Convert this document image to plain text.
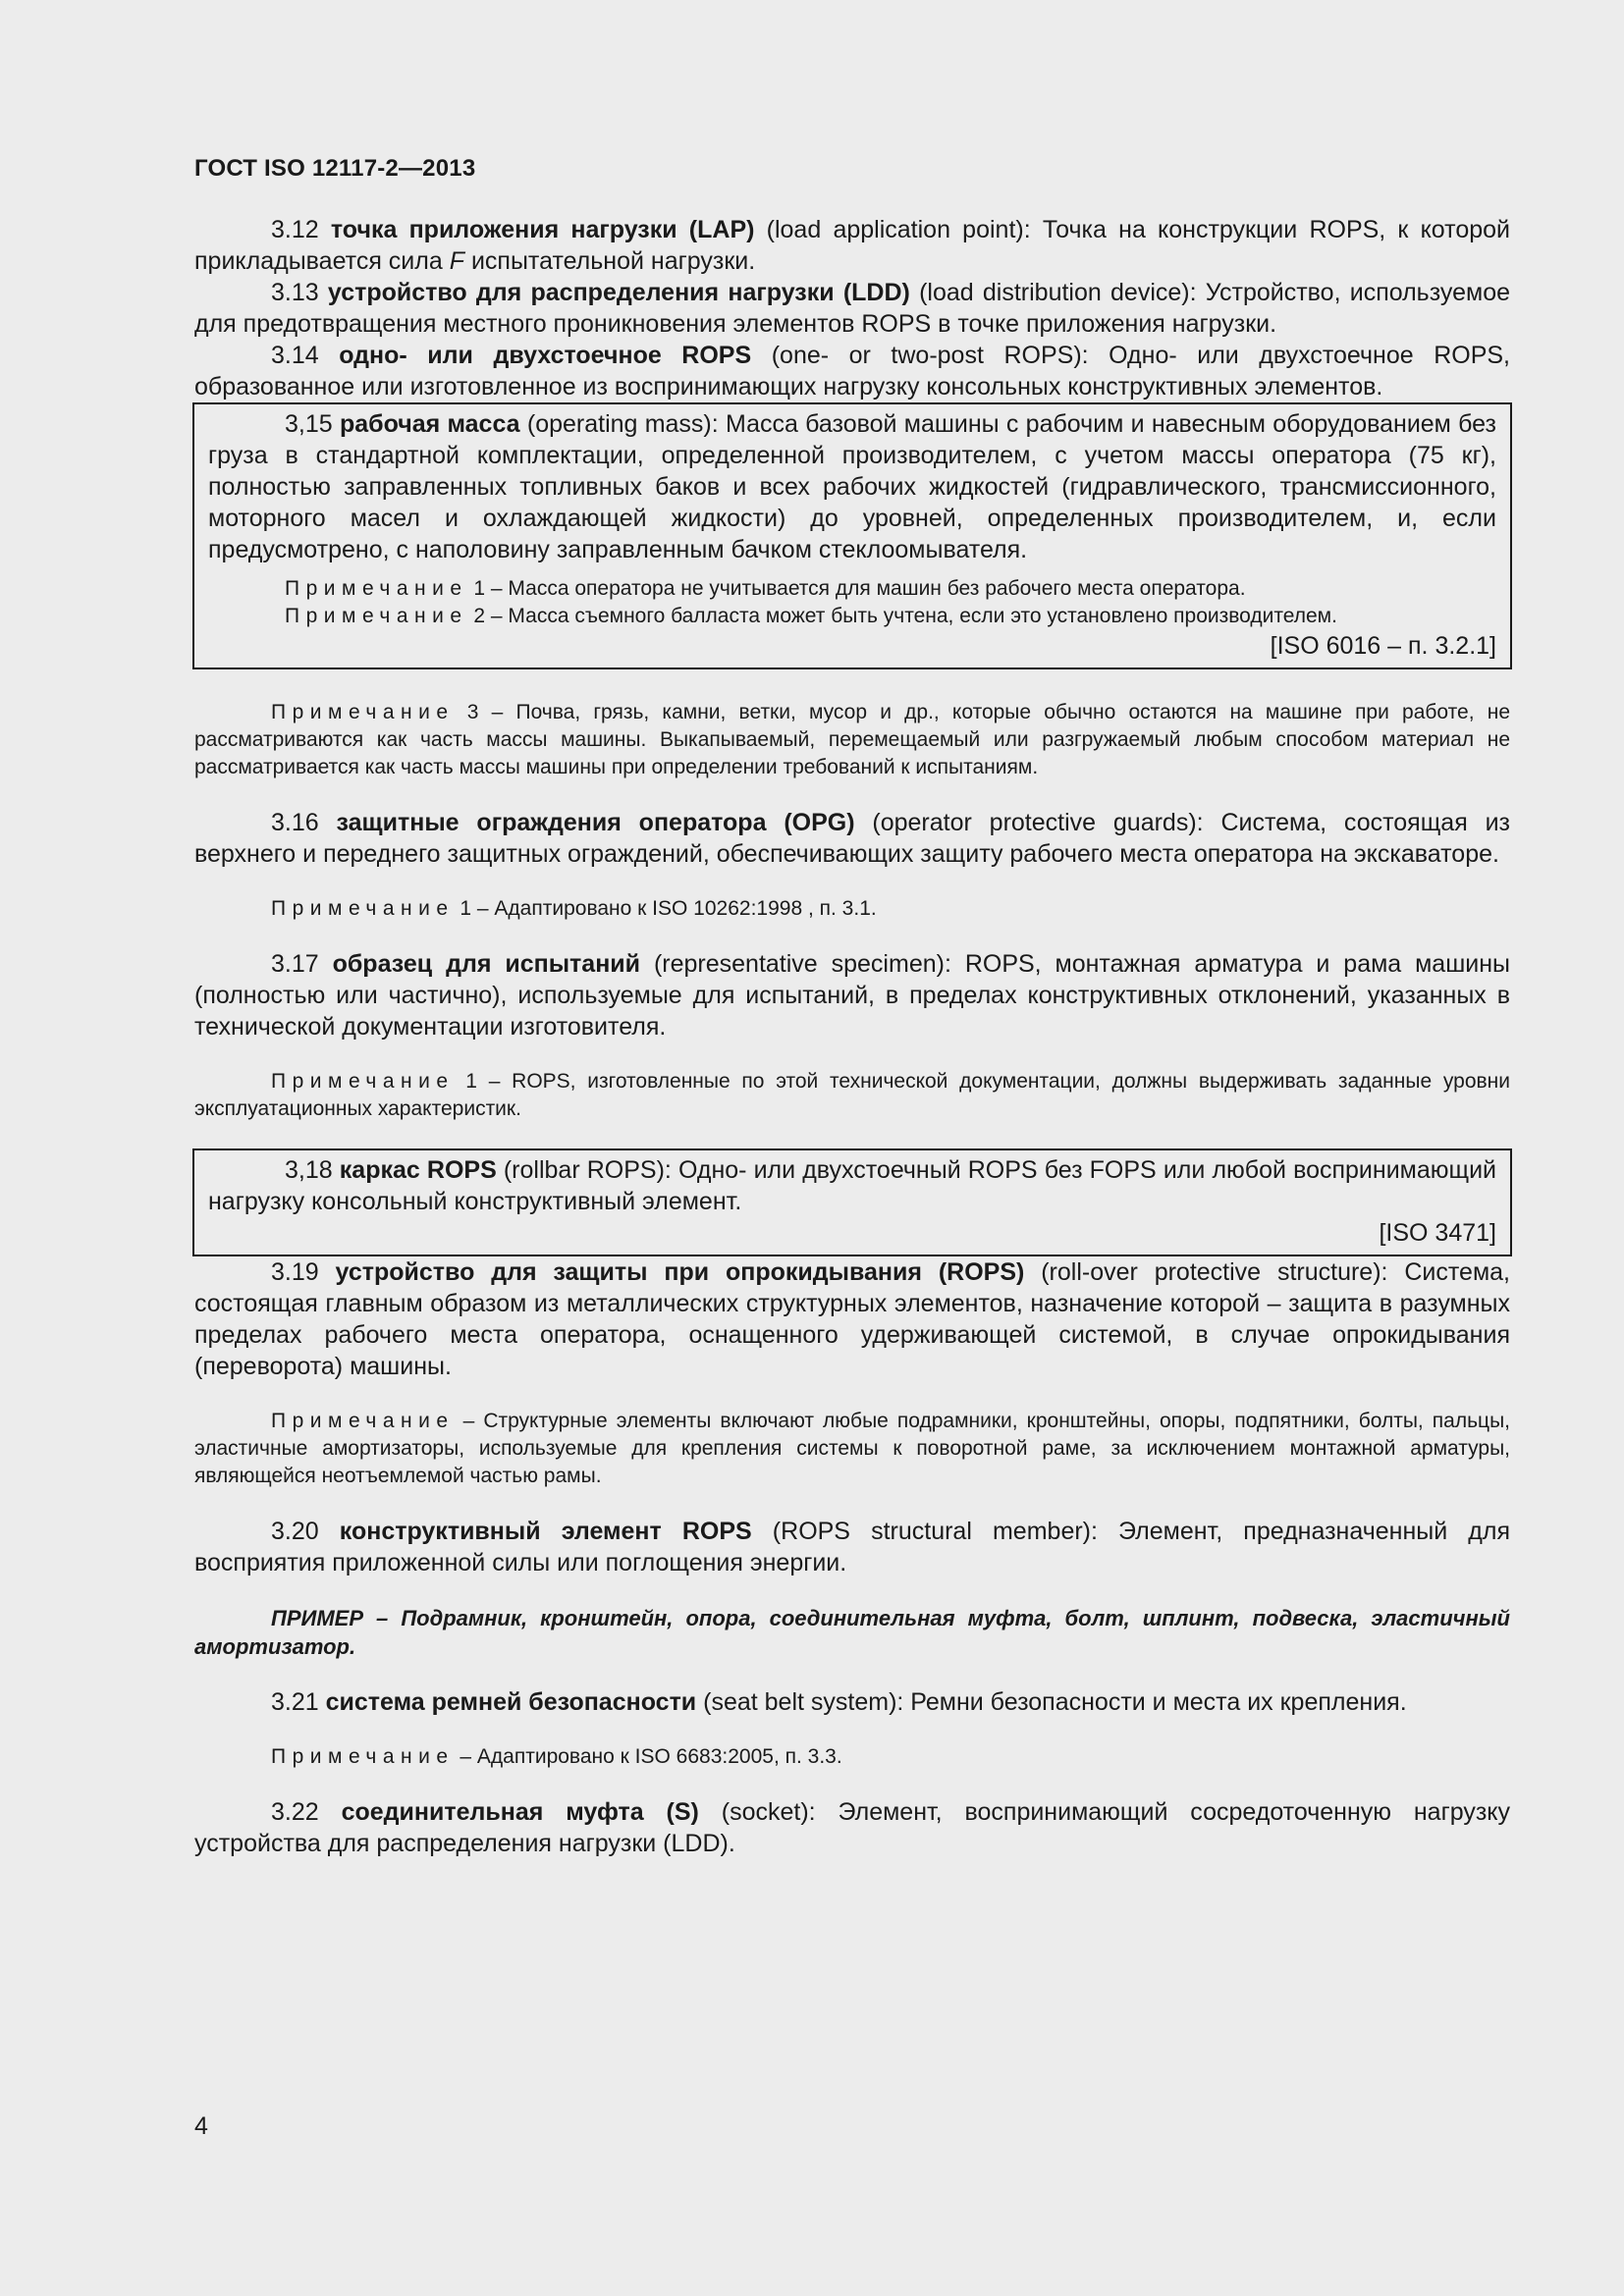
ГОСТ ISO 12117-2—2013

3.12 точка приложения нагрузки (LAP) (load application point): Точка на конструкции ROPS, к которой прикладывается сила F испытательной нагрузки.

3.13 устройство для распределения нагрузки (LDD) (load distribution device): Устройство, используемое для предотвращения местного проникновения элементов ROPS в точке приложения нагрузки.

3.14 одно- или двухстоечное ROPS (one- or two-post ROPS): Одно- или двухстоечное ROPS, образованное или изготовленное из воспринимающих нагрузку консольных конструктивных элементов.

3,15 рабочая масса (operating mass): Масса базовой машины с рабочим и навесным оборудованием без груза в стандартной комплектации, определенной производителем, с учетом массы оператора (75 кг), полностью заправленных топливных баков и всех рабочих жидкостей (гидравлического, трансмиссионного, моторного масел и охлаждающей жидкости) до уровней, определенных производителем, и, если предусмотрено, с наполовину заправленным бачком стеклоомывателя.

Примечание 1 – Масса оператора не учитывается для машин без рабочего места оператора.

Примечание 2 – Масса съемного балласта может быть учтена, если это установлено производителем.

[ISO 6016 – п. 3.2.1]

Примечание 3 – Почва, грязь, камни, ветки, мусор и др., которые обычно остаются на машине при работе, не рассматриваются как часть массы машины. Выкапываемый, перемещаемый или разгружаемый любым способом материал не рассматривается как часть массы машины при определении требований к испытаниям.

3.16 защитные ограждения оператора (OPG) (operator protective guards): Система, состоящая из верхнего и переднего защитных ограждений, обеспечивающих защиту рабочего места оператора на экскаваторе.

Примечание 1 – Адаптировано к ISO 10262:1998 , п. 3.1.

3.17 образец для испытаний (representative specimen): ROPS, монтажная арматура и рама машины (полностью или частично), используемые для испытаний, в пределах конструктивных отклонений, указанных в технической документации изготовителя.

Примечание 1 – ROPS, изготовленные по этой технической документации, должны выдерживать заданные уровни эксплуатационных характеристик.

3,18 каркас ROPS (rollbar ROPS): Одно- или двухстоечный ROPS без FOPS или любой воспринимающий нагрузку консольный конструктивный элемент.

[ISO 3471]

3.19 устройство для защиты при опрокидывания (ROPS) (roll-over protective structure): Система, состоящая главным образом из металлических структурных элементов, назначение которой – защита в разумных пределах рабочего места оператора, оснащенного удерживающей системой, в случае опрокидывания (переворота) машины.

Примечание – Структурные элементы включают любые подрамники, кронштейны, опоры, подпятники, болты, пальцы, эластичные амортизаторы, используемые для крепления системы к поворотной раме, за исключением монтажной арматуры, являющейся неотъемлемой частью рамы.

3.20 конструктивный элемент ROPS (ROPS structural member): Элемент, предназначенный для восприятия приложенной силы или поглощения энергии.

ПРИМЕР – Подрамник, кронштейн, опора, соединительная муфта, болт, шплинт, подвеска, эластичный амортизатор.

3.21 система ремней безопасности (seat belt system): Ремни безопасности и места их крепления.

Примечание – Адаптировано к ISO 6683:2005, п. 3.3.

3.22 соединительная муфта (S) (socket): Элемент, воспринимающий сосредоточенную нагрузку устройства для распределения нагрузки (LDD).

4
